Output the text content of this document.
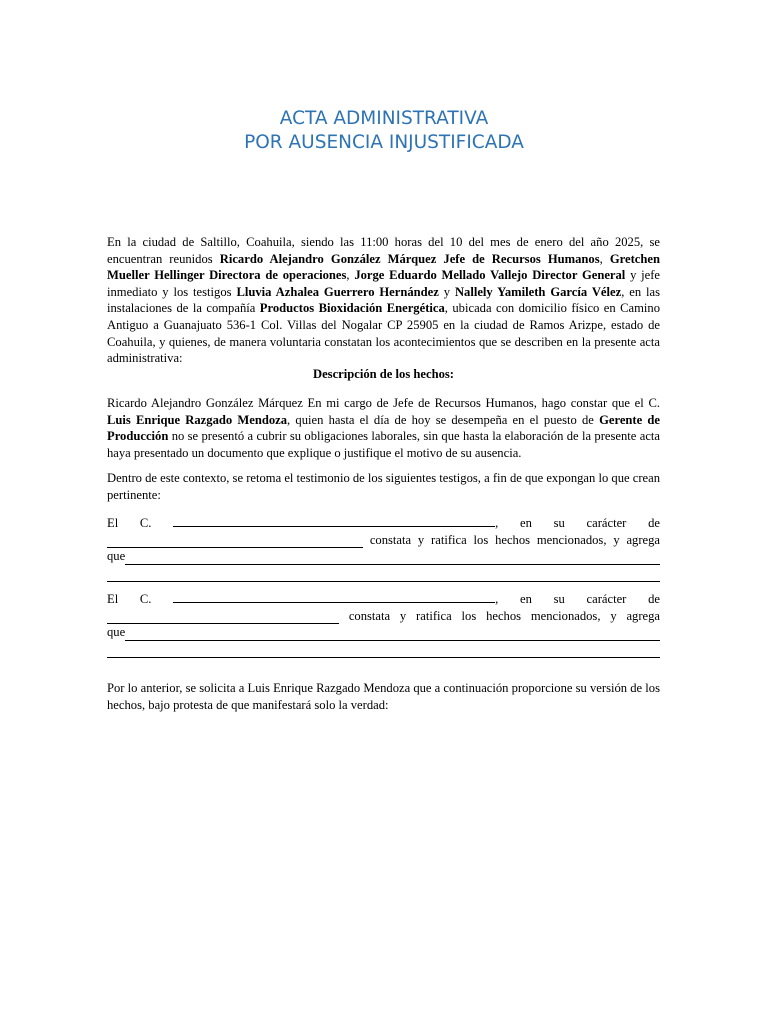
ACTA ADMINISTRATIVA
POR AUSENCIA INJUSTIFICADA
En la ciudad de Saltillo, Coahuila, siendo las 11:00 horas del 10 del mes de enero del año 2025, se encuentran reunidos Ricardo Alejandro González Márquez Jefe de Recursos Humanos, Gretchen Mueller Hellinger Directora de operaciones, Jorge Eduardo Mellado Vallejo Director General y jefe inmediato y los testigos Lluvia Azhalea Guerrero Hernández y Nallely Yamileth García Vélez, en las instalaciones de la compañía Productos Bioxidación Energética, ubicada con domicilio físico en Camino Antiguo a Guanajuato 536-1 Col. Villas del Nogalar CP 25905 en la ciudad de Ramos Arizpe, estado de Coahuila, y quienes, de manera voluntaria constatan los acontecimientos que se describen en la presente acta administrativa:
Descripción de los hechos:
Ricardo Alejandro González Márquez En mi cargo de Jefe de Recursos Humanos, hago constar que el C. Luis Enrique Razgado Mendoza, quien hasta el día de hoy se desempeña en el puesto de Gerente de Producción no se presentó a cubrir su obligaciones laborales, sin que hasta la elaboración de la presente acta haya presentado un documento que explique o justifique el motivo de su ausencia.
Dentro de este contexto, se retoma el testimonio de los siguientes testigos, a fin de que expongan lo que crean pertinente:
El C.	, en su carácter de
constata y ratifica los hechos mencionados, y agrega
que
El C.	, en su carácter de
constata y ratifica los hechos mencionados, y agrega
que
Por lo anterior, se solicita a Luis Enrique Razgado Mendoza que a continuación proporcione su versión de los hechos, bajo protesta de que manifestará solo la verdad:
